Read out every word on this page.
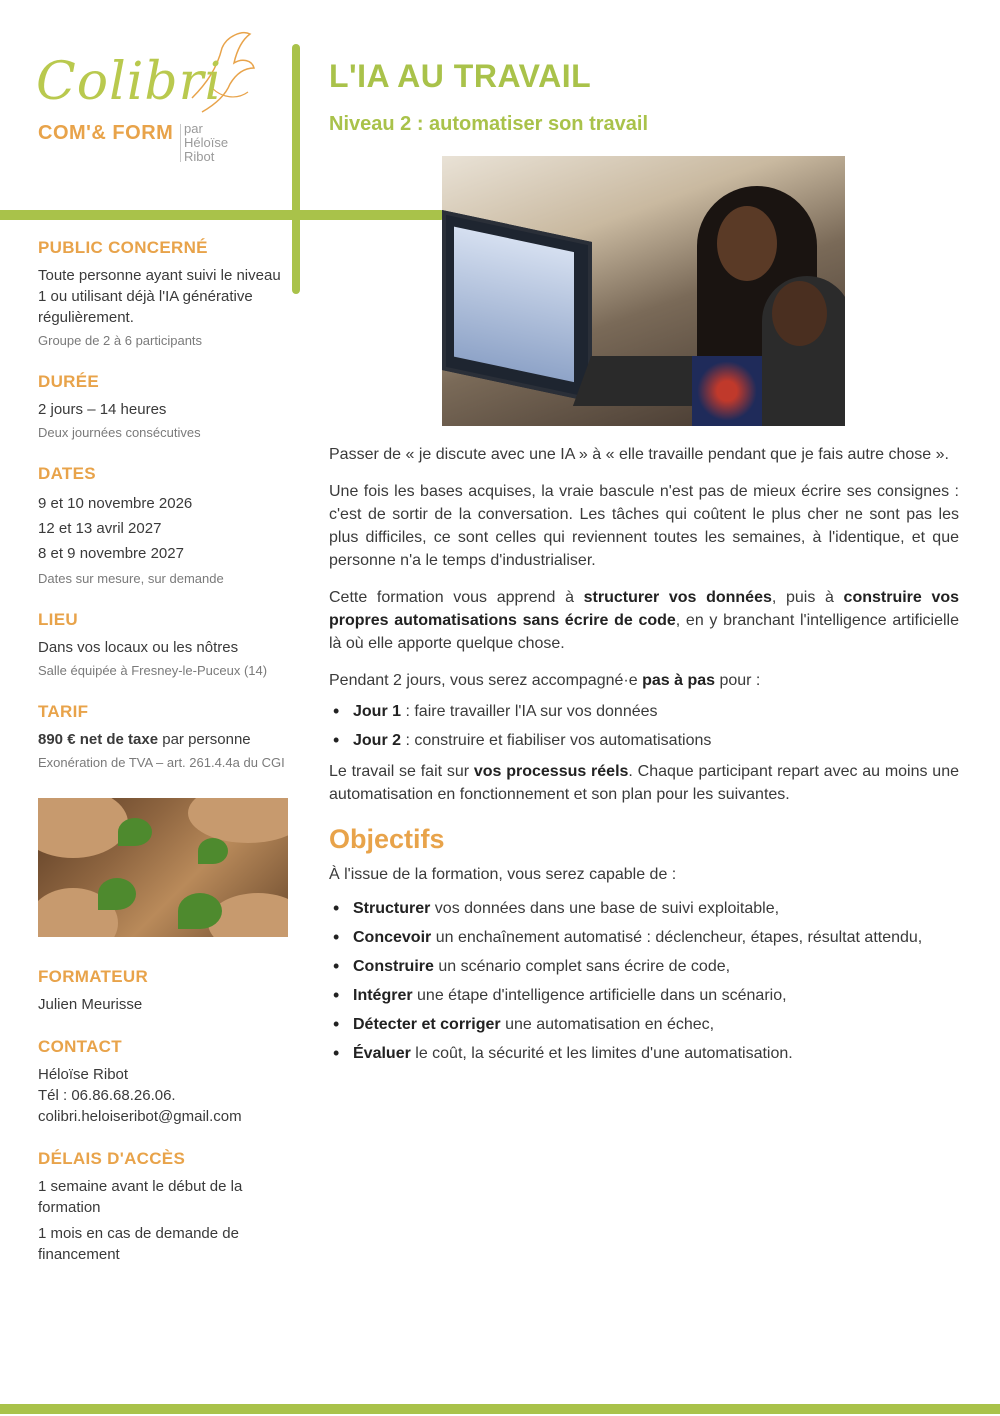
Colibri
COM'& FORM par
Héloïse
Ribot
PUBLIC CONCERNÉ
Toute personne ayant suivi le niveau 1 ou utilisant déjà l'IA générative régulièrement.
Groupe de 2 à 6 participants
DURÉE
2 jours – 14 heures
Deux journées consécutives
DATES
9 et 10 novembre 2026
12 et 13 avril 2027
8 et 9 novembre 2027
Dates sur mesure, sur demande
LIEU
Dans vos locaux ou les nôtres
Salle équipée à Fresney-le-Puceux (14)
TARIF
890 € net de taxe par personne
Exonération de TVA – art. 261.4.4a du CGI
FORMATEUR
Julien Meurisse
CONTACT
Héloïse Ribot
Tél : 06.86.68.26.06.
colibri.heloiseribot@gmail.com
DÉLAIS D'ACCÈS
1 semaine avant le début de la formation
1 mois en cas de demande de financement
L'IA AU TRAVAIL
Niveau 2 : automatiser son travail

Passer de « je discute avec une IA » à « elle travaille pendant que je fais autre chose ».

Une fois les bases acquises, la vraie bascule n'est pas de mieux écrire ses consignes : c'est de sortir de la conversation. Les tâches qui coûtent le plus cher ne sont pas les plus difficiles, ce sont celles qui reviennent toutes les semaines, à l'identique, et que personne n'a le temps d'industrialiser.

Cette formation vous apprend à structurer vos données, puis à construire vos propres automatisations sans écrire de code, en y branchant l'intelligence artificielle là où elle apporte quelque chose.

Pendant 2 jours, vous serez accompagné·e pas à pas pour :

• Jour 1 : faire travailler l'IA sur vos données
• Jour 2 : construire et fiabiliser vos automatisations

Le travail se fait sur vos processus réels. Chaque participant repart avec au moins une automatisation en fonctionnement et son plan pour les suivantes.

Objectifs
À l'issue de la formation, vous serez capable de :
• Structurer vos données dans une base de suivi exploitable,
• Concevoir un enchaînement automatisé : déclencheur, étapes, résultat attendu,
• Construire un scénario complet sans écrire de code,
• Intégrer une étape d'intelligence artificielle dans un scénario,
• Détecter et corriger une automatisation en échec,
• Évaluer le coût, la sécurité et les limites d'une automatisation.
